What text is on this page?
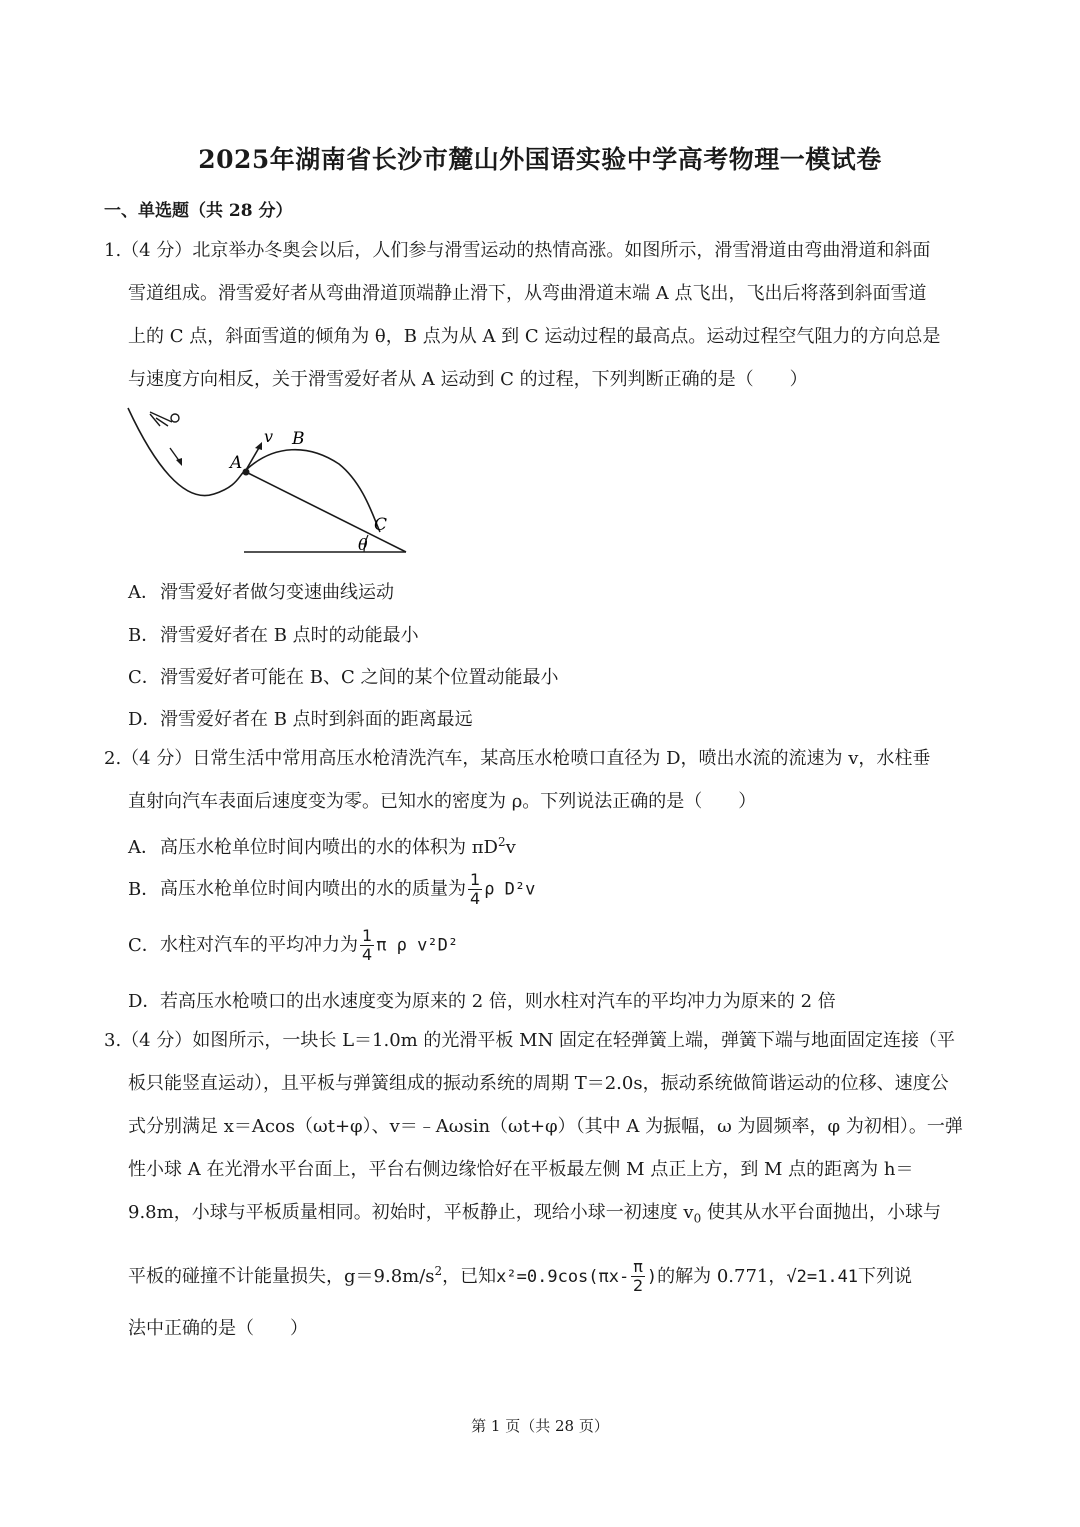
2025年湖南省长沙市麓山外国语实验中学高考物理一模试卷
一、单选题（共 28 分）
1.（4 分）北京举办冬奥会以后，人们参与滑雪运动的热情高涨。如图所示，滑雪滑道由弯曲滑道和斜面
雪道组成。滑雪爱好者从弯曲滑道顶端静止滑下，从弯曲滑道末端 A 点飞出，飞出后将落到斜面雪道
上的 C 点，斜面雪道的倾角为 θ，B 点为从 A 到 C 运动过程的最高点。运动过程空气阻力的方向总是
与速度方向相反，关于滑雪爱好者从 A 运动到 C 的过程，下列判断正确的是（　　）
v B
A
C
θ
A．滑雪爱好者做匀变速曲线运动
B．滑雪爱好者在 B 点时的动能最小
C．滑雪爱好者可能在 B、C 之间的某个位置动能最小
D．滑雪爱好者在 B 点时到斜面的距离最远
2.（4 分）日常生活中常用高压水枪清洗汽车，某高压水枪喷口直径为 D，喷出水流的流速为 v，水柱垂
直射向汽车表面后速度变为零。已知水的密度为 ρ。下列说法正确的是（　　）
A．高压水枪单位时间内喷出的水的体积为 $\pi D^2v$
B．高压水枪单位时间内喷出的水的质量为 $\frac{1}{4}$ ρ D²v
C．水柱对汽车的平均冲力为 $\frac{1}{4}$ π ρ v²D²
D．若高压水枪喷口的出水速度变为原来的 2 倍，则水柱对汽车的平均冲力为原来的 2 倍
3.（4 分）如图所示，一块长 L＝1.0m 的光滑平板 MN 固定在轻弹簧上端，弹簧下端与地面固定连接（平
板只能竖直运动），且平板与弹簧组成的振动系统的周期 T＝2.0s，振动系统做简谐运动的位移、速度公
式分别满足 x＝Acos（ωt+φ）、v＝﹣Aωsin（ωt+φ）（其中 A 为振幅，ω 为圆频率，φ 为初相）。一弹
性小球 A 在光滑水平台面上，平台右侧边缘恰好在平板最左侧 M 点正上方，到 M 点的距离为 h＝
9.8m，小球与平板质量相同。初始时，平板静止，现给小球一初速度 $v_0$ 使其从水平台面抛出，小球与
平板的碰撞不计能量损失，$g=9.8m/s^2$，已知$x^2=0.9\cos(\pi x- \frac{\pi}{2}$ )的解为 0.771，√2=1.41下列说
法中正确的是（　　）
第 1 页（共 28 页）
